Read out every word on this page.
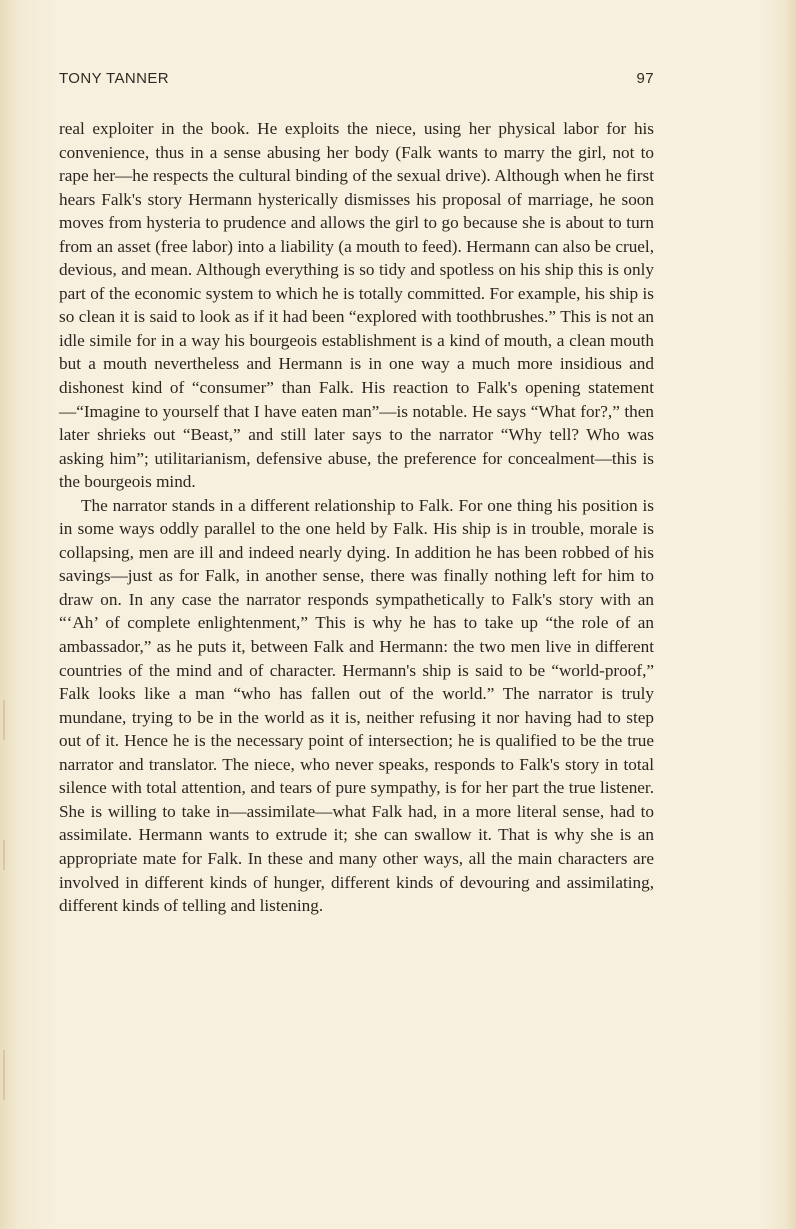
TONY TANNER	97

real exploiter in the book. He exploits the niece, using her physical labor for his convenience, thus in a sense abusing her body (Falk wants to marry the girl, not to rape her—he respects the cultural binding of the sexual drive). Although when he first hears Falk's story Hermann hysterically dismisses his proposal of marriage, he soon moves from hysteria to prudence and allows the girl to go because she is about to turn from an asset (free labor) into a liability (a mouth to feed). Hermann can also be cruel, devious, and mean. Although everything is so tidy and spotless on his ship this is only part of the economic system to which he is totally committed. For example, his ship is so clean it is said to look as if it had been “explored with toothbrushes.” This is not an idle simile for in a way his bourgeois establishment is a kind of mouth, a clean mouth but a mouth nevertheless and Hermann is in one way a much more insidious and dishonest kind of “consumer” than Falk. His reaction to Falk's opening statement—“Imagine to yourself that I have eaten man”—is notable. He says “What for?,” then later shrieks out “Beast,” and still later says to the narrator “Why tell? Who was asking him”; utilitarianism, defensive abuse, the preference for concealment—this is the bourgeois mind.

The narrator stands in a different relationship to Falk. For one thing his position is in some ways oddly parallel to the one held by Falk. His ship is in trouble, morale is collapsing, men are ill and indeed nearly dying. In addition he has been robbed of his savings—just as for Falk, in another sense, there was finally nothing left for him to draw on. In any case the narrator responds sympathetically to Falk's story with an “‘Ah’ of complete enlightenment,” This is why he has to take up “the role of an ambassador,” as he puts it, between Falk and Hermann: the two men live in different countries of the mind and of character. Hermann's ship is said to be “world-proof,” Falk looks like a man “who has fallen out of the world.” The narrator is truly mundane, trying to be in the world as it is, neither refusing it nor having had to step out of it. Hence he is the necessary point of intersection; he is qualified to be the true narrator and translator. The niece, who never speaks, responds to Falk's story in total silence with total attention, and tears of pure sympathy, is for her part the true listener. She is willing to take in—assimilate—what Falk had, in a more literal sense, had to assimilate. Hermann wants to extrude it; she can swallow it. That is why she is an appropriate mate for Falk. In these and many other ways, all the main characters are involved in different kinds of hunger, different kinds of devouring and assimilating, different kinds of telling and listening.
